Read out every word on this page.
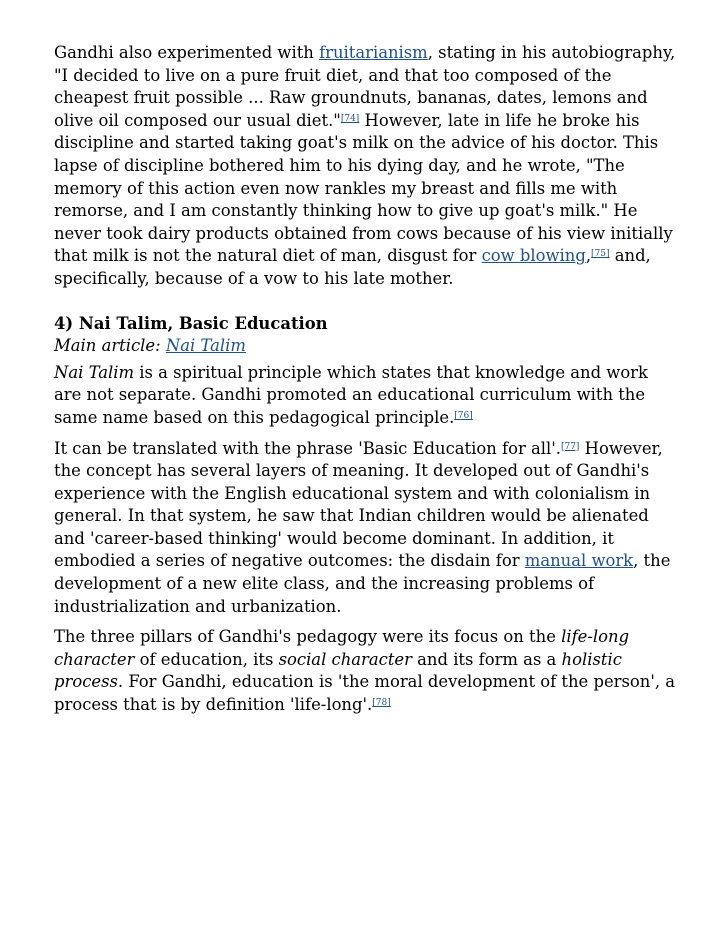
Gandhi also experimented with fruitarianism, stating in his autobiography, "I decided to live on a pure fruit diet, and that too composed of the cheapest fruit possible ... Raw groundnuts, bananas, dates, lemons and olive oil composed our usual diet."[74] However, late in life he broke his discipline and started taking goat's milk on the advice of his doctor. This lapse of discipline bothered him to his dying day, and he wrote, "The memory of this action even now rankles my breast and fills me with remorse, and I am constantly thinking how to give up goat's milk." He never took dairy products obtained from cows because of his view initially that milk is not the natural diet of man, disgust for cow blowing,[75] and, specifically, because of a vow to his late mother.

4) Nai Talim, Basic Education

Main article: Nai Talim

Nai Talim is a spiritual principle which states that knowledge and work are not separate. Gandhi promoted an educational curriculum with the same name based on this pedagogical principle.[76]

It can be translated with the phrase 'Basic Education for all'.[77] However, the concept has several layers of meaning. It developed out of Gandhi's experience with the English educational system and with colonialism in general. In that system, he saw that Indian children would be alienated and 'career-based thinking' would become dominant. In addition, it embodied a series of negative outcomes: the disdain for manual work, the development of a new elite class, and the increasing problems of industrialization and urbanization.

The three pillars of Gandhi's pedagogy were its focus on the life-long character of education, its social character and its form as a holistic process. For Gandhi, education is 'the moral development of the person', a process that is by definition 'life-long'.[78]
